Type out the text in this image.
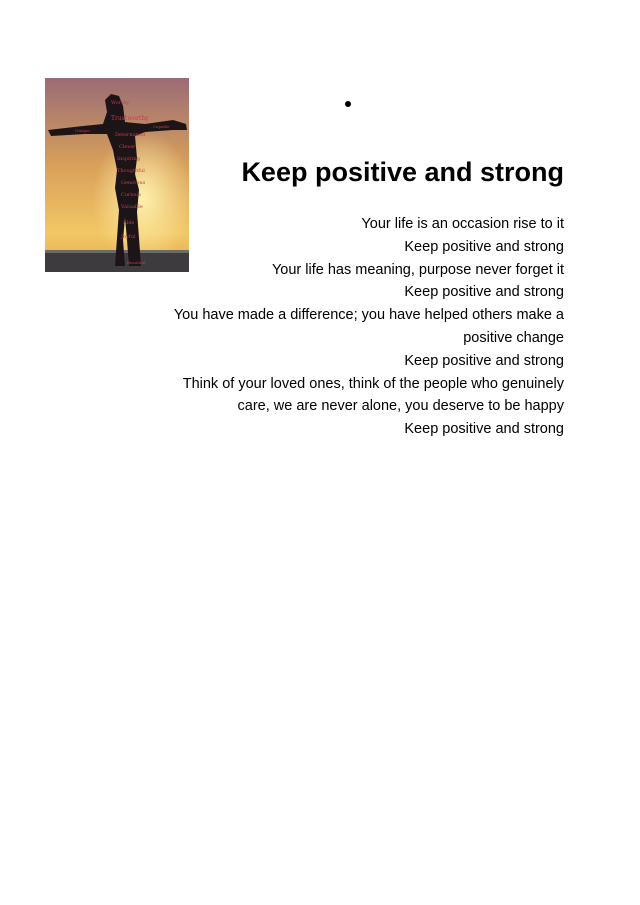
Worthy
Trustworthy
Determined
Clever
Inspiring
Thoughtful
Generous
Curious
Valuable
Able
Joyful
Unique
Capable
Beautiful
Keep positive and strong
Your life is an occasion rise to it
Keep positive and strong
Your life has meaning, purpose never forget it
Keep positive and strong
You have made a difference; you have helped others make a
positive change
Keep positive and strong
Think of your loved ones, think of the people who genuinely
care, we are never alone, you deserve to be happy
Keep positive and strong
